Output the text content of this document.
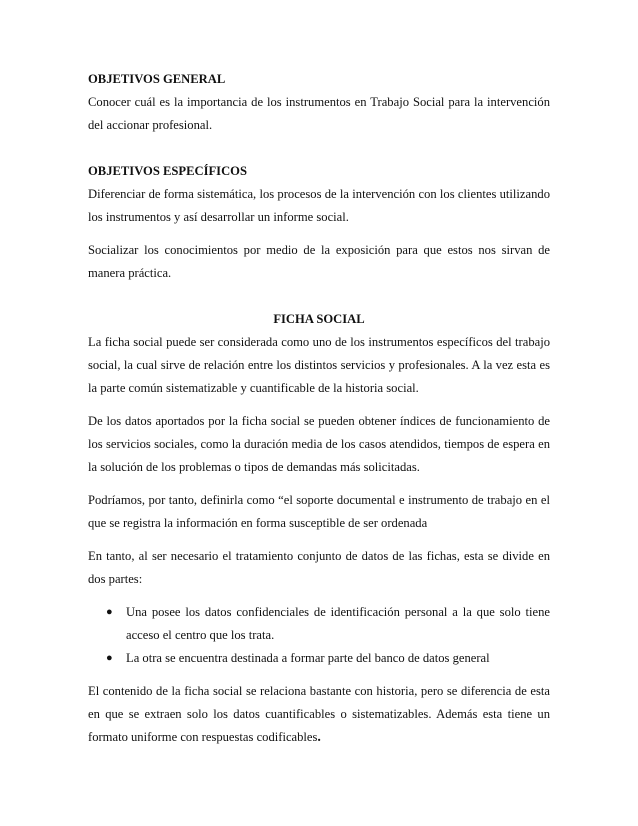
OBJETIVOS GENERAL

Conocer cuál es la importancia de los instrumentos en Trabajo Social para la intervención del accionar profesional.

OBJETIVOS ESPECÍFICOS

Diferenciar de forma sistemática, los procesos de la intervención con los clientes utilizando los instrumentos y así desarrollar un informe social.

Socializar los conocimientos por medio de la exposición para que estos nos sirvan de manera práctica.

FICHA SOCIAL

La ficha social puede ser considerada como uno de los instrumentos específicos del trabajo social, la cual sirve de relación entre los distintos servicios y profesionales. A la vez esta es la parte común sistematizable y cuantificable de la historia social.

De los datos aportados por la ficha social se pueden obtener índices de funcionamiento de los servicios sociales, como la duración media de los casos atendidos, tiempos de espera en la solución de los problemas o tipos de demandas más solicitadas.

Podríamos, por tanto, definirla como “el soporte documental e instrumento de trabajo en el que se registra la información en forma susceptible de ser ordenada

En tanto, al ser necesario el tratamiento conjunto de datos de las fichas, esta se divide en dos partes:

● Una posee los datos confidenciales de identificación personal a la que solo tiene acceso el centro que los trata.
● La otra se encuentra destinada a formar parte del banco de datos general

El contenido de la ficha social se relaciona bastante con historia, pero se diferencia de esta en que se extraen solo los datos cuantificables o sistematizables. Además esta tiene un formato uniforme con respuestas codificables.
